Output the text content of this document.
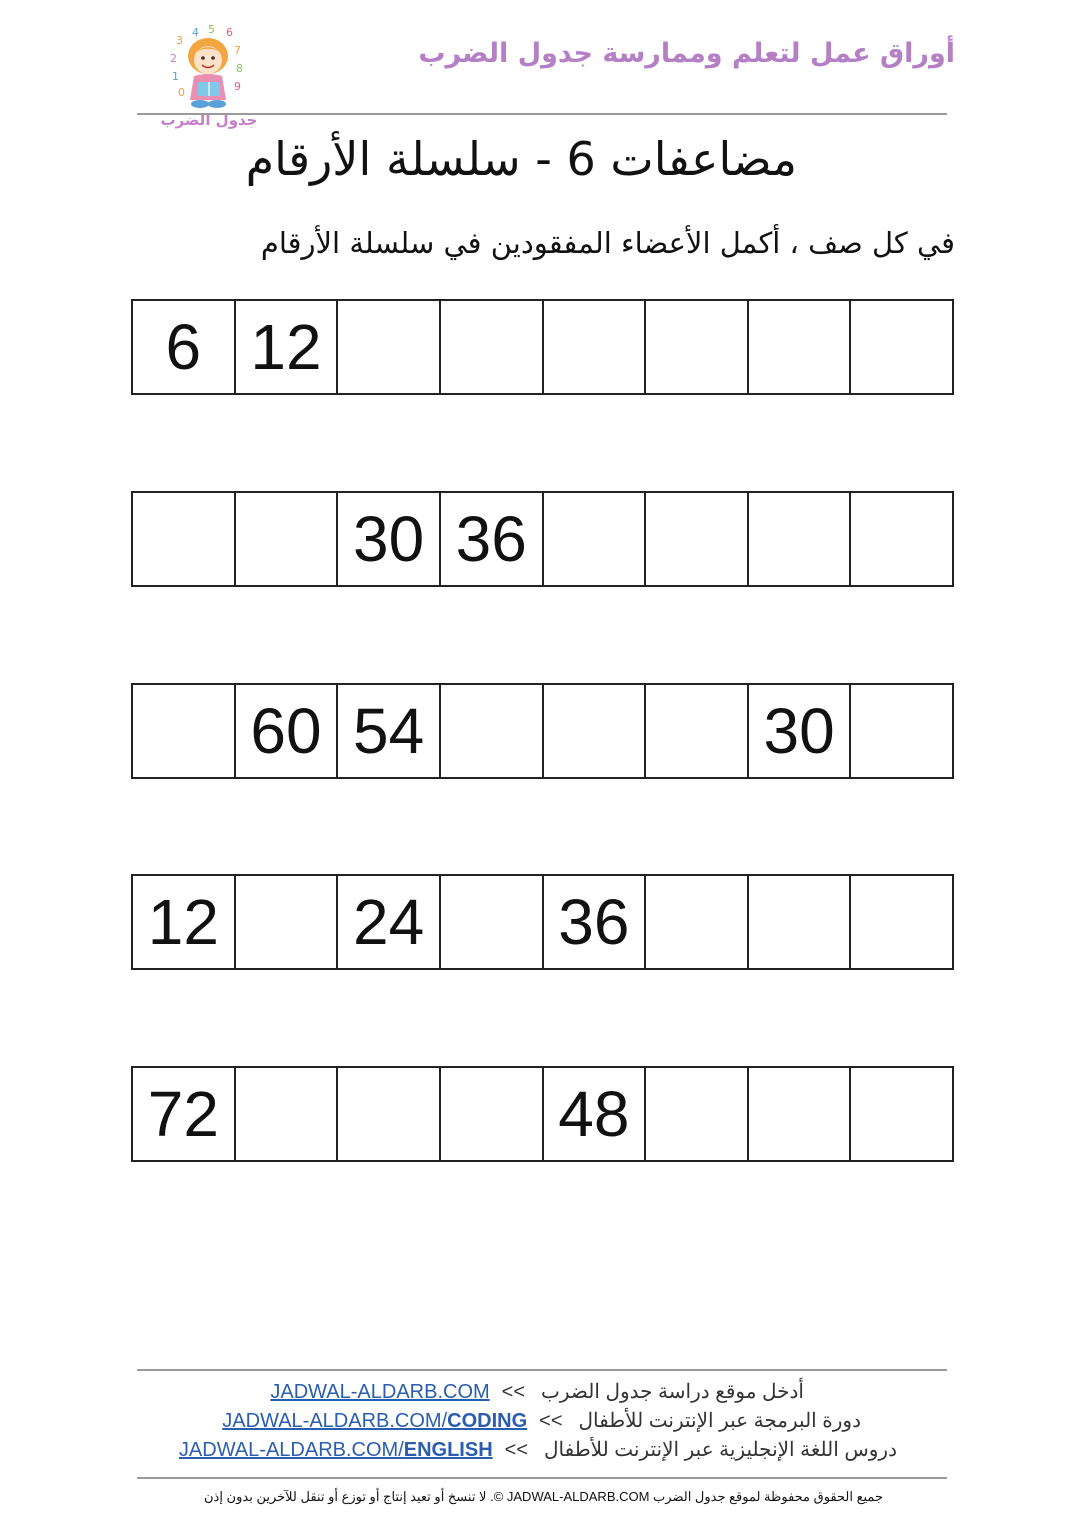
أوراق عمل لتعلم وممارسة جدول الضرب
3
4 5 6
2
7
1
8
9
0
جدول الضرب
مضاعفات 6 - سلسلة الأرقام
في كل صف ، أكمل الأعضاء المفقودين في سلسلة الأرقام
6 12
30 36
60 54	30
12 24 36
72	48
أدخل موقع دراسة جدول الضرب
<<
JADWAL-ALDARB.COM
دورة البرمجة عبر الإنترنت للأطفال
<<
JADWAL-ALDARB.COM/CODING
دروس اللغة الإنجليزية عبر الإنترنت للأطفال
<<
JADWAL-ALDARB.COM/ENGLISH
جميع الحقوق محفوظة لموقع جدول الضرب JADWAL-ALDARB.COM ©. لا تنسخ أو تعيد إنتاج أو توزع أو تنقل للآخرين بدون إذن
